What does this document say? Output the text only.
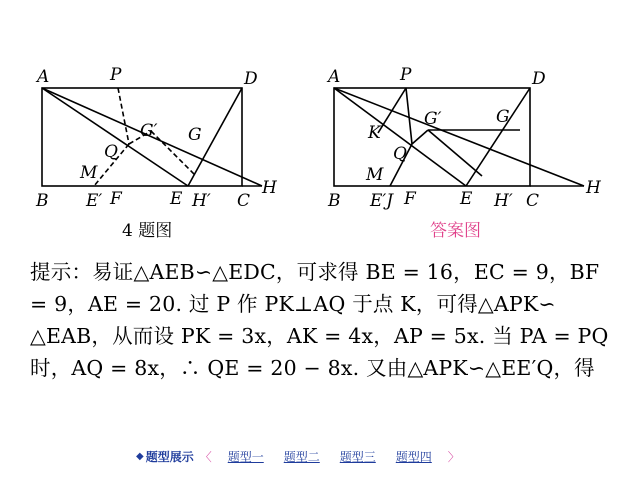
A	P	D
G′ G
Q
M
B E′ F	E H′ C
H
4 题图
A	P	D
G′	G
K
Q
M
B E′J F	E H′ C
H
答案图
提示：易证△AEB∽△EDC，可求得 BE = 16，EC = 9，BF
= 9，AE = 20. 过 P 作 PK⊥AQ 于点 K，可得△APK∽
△EAB，从而设 PK = 3x，AK = 4x，AP = 5x. 当 PA = PQ
时，AQ = 8x，∴ QE = 20 − 8x. 又由△APK∽△EE′Q，得
◆ 题型展示 〈 题型一 题型二 题型三 题型四 〉
